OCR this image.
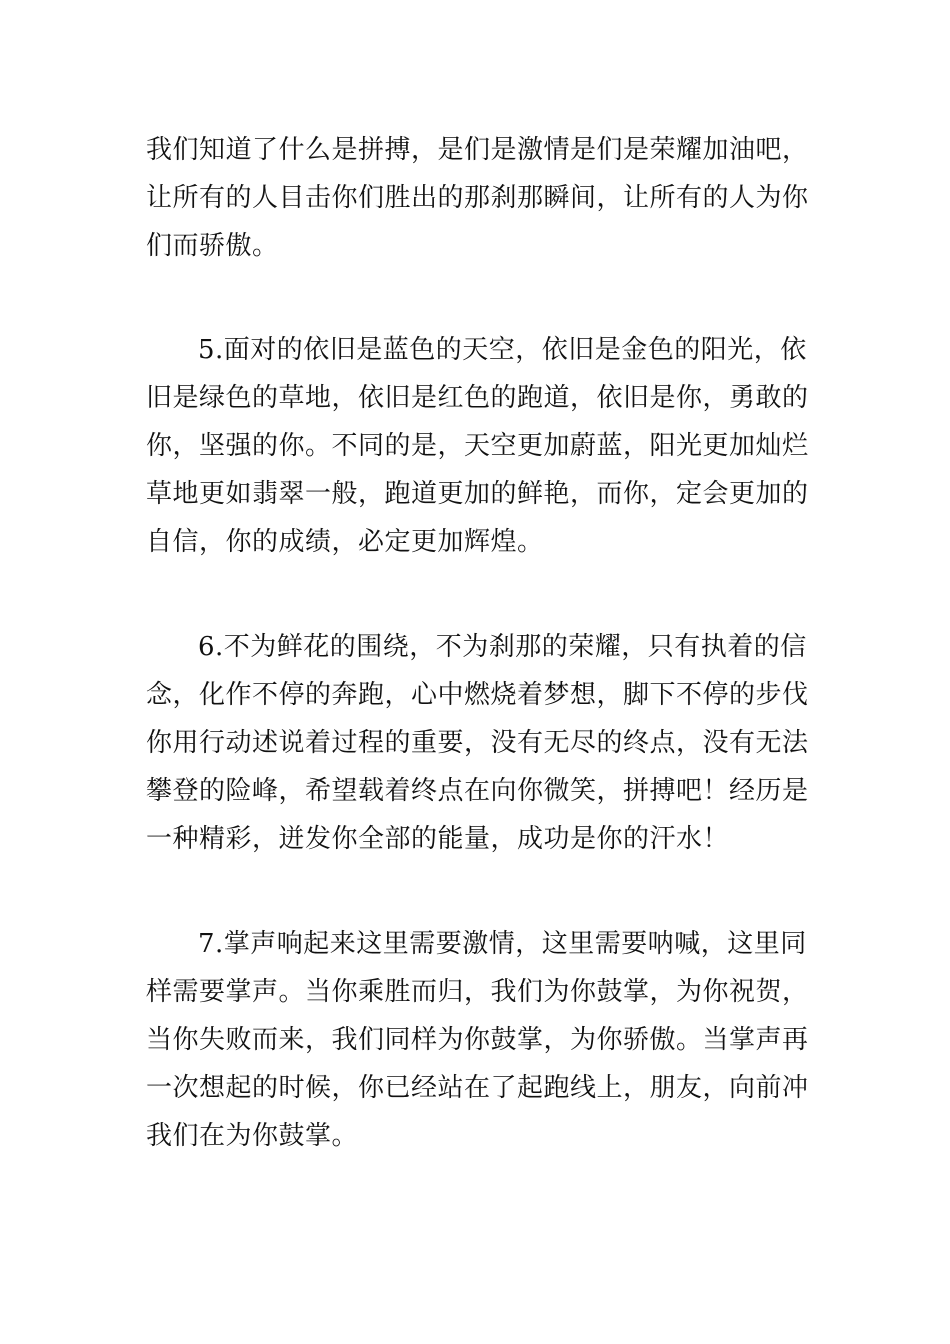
我们知道了什么是拼搏，是们是激情是们是荣耀加油吧，
让所有的人目击你们胜出的那刹那瞬间，让所有的人为你
们而骄傲。
5.面对的依旧是蓝色的天空，依旧是金色的阳光，依
旧是绿色的草地，依旧是红色的跑道，依旧是你，勇敢的
你，坚强的你。不同的是，天空更加蔚蓝，阳光更加灿烂
草地更如翡翠一般，跑道更加的鲜艳，而你，定会更加的
自信，你的成绩，必定更加辉煌。
6.不为鲜花的围绕，不为刹那的荣耀，只有执着的信
念，化作不停的奔跑，心中燃烧着梦想，脚下不停的步伐
你用行动述说着过程的重要，没有无尽的终点，没有无法
攀登的险峰，希望载着终点在向你微笑，拼搏吧！经历是
一种精彩，迸发你全部的能量，成功是你的汗水！
7.掌声响起来这里需要激情，这里需要呐喊，这里同
样需要掌声。当你乘胜而归，我们为你鼓掌，为你祝贺，
当你失败而来，我们同样为你鼓掌，为你骄傲。当掌声再
一次想起的时候，你已经站在了起跑线上，朋友，向前冲
我们在为你鼓掌。
